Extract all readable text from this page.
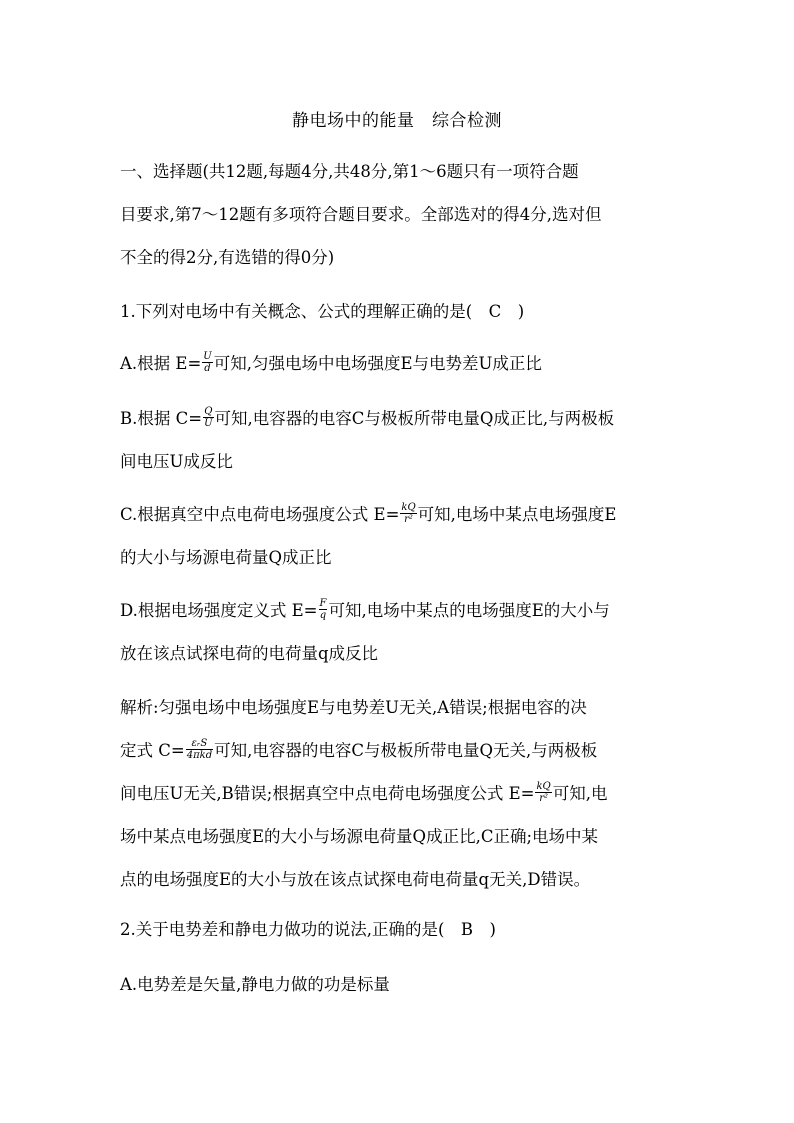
静电场中的能量　综合检测
一、选择题(共12题,每题4分,共48分,第1～6题只有一项符合题
目要求,第7～12题有多项符合题目要求。全部选对的得4分,选对但
不全的得2分,有选错的得0分)
1.下列对电场中有关概念、公式的理解正确的是(　C　)
A.根据 $E= \frac{U}{d}$ 可知,匀强电场中电场强度E与电势差U成正比
B.根据 $C= \frac{Q}{U}$ 可知,电容器的电容C与极板所带电量Q成正比,与两极板
间电压U成反比
C.根据真空中点电荷电场强度公式 $E= \frac{kQ}{\text{r²}}$ 可知,电场中某点电场强度E
的大小与场源电荷量Q成正比
D.根据电场强度定义式 $E= \frac{F}{q}$ 可知,电场中某点的电场强度E的大小与
放在该点试探电荷的电荷量q成反比
解析:匀强电场中电场强度E与电势差U无关,A错误;根据电容的决
定式 $C= \frac{\text{εᵣS}}{\text{4πkd}}$ 可知,电容器的电容C与极板所带电量Q无关,与两极板
间电压U无关,B错误;根据真空中点电荷电场强度公式 $E= \frac{kQ}{\text{r²}}$ 可知,电
场中某点电场强度E的大小与场源电荷量Q成正比,C正确;电场中某
点的电场强度E的大小与放在该点试探电荷电荷量q无关,D错误。
2.关于电势差和静电力做功的说法,正确的是(　B　)
A.电势差是矢量,静电力做的功是标量
